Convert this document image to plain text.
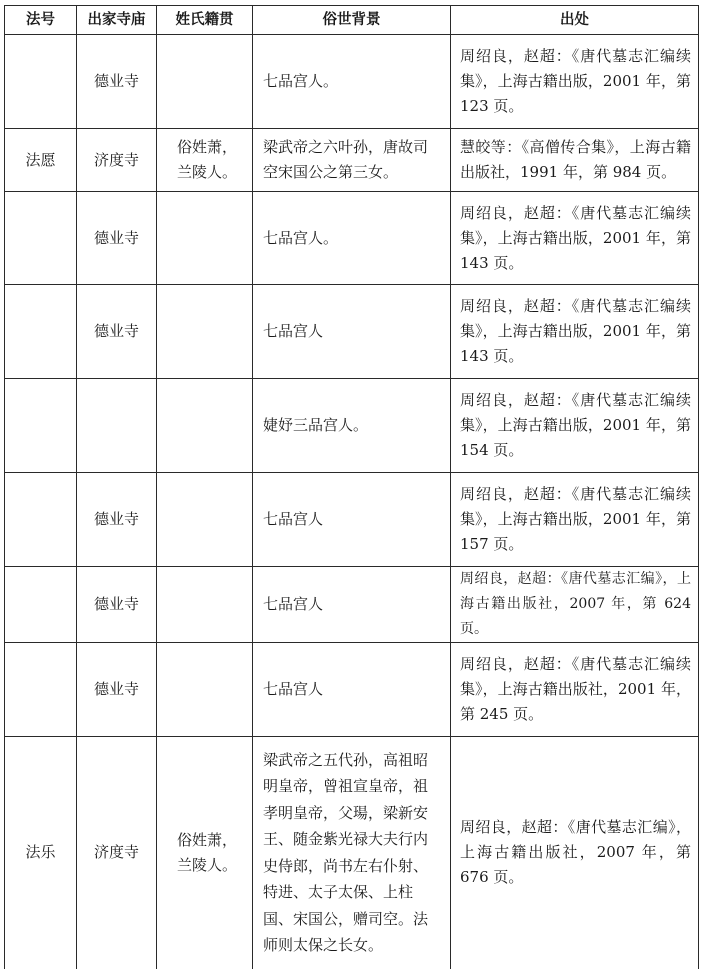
法号	出家寺庙	姓氏籍贯	俗世背景	出处
	德业寺		七品宫人。	周绍良，赵超：《唐代墓志汇编续集》，上海古籍出版，2001 年，第 123 页。
法愿	济度寺	俗姓萧，兰陵人。	梁武帝之六叶孙，唐故司空宋国公之第三女。	慧皎等：《高僧传合集》，上海古籍出版社，1991 年，第 984 页。
	德业寺		七品宫人。	周绍良，赵超：《唐代墓志汇编续集》，上海古籍出版，2001 年，第 143 页。
	德业寺		七品宫人	周绍良，赵超：《唐代墓志汇编续集》，上海古籍出版，2001 年，第 143 页。
			婕妤三品宫人。	周绍良，赵超：《唐代墓志汇编续集》，上海古籍出版，2001 年，第 154 页。
	德业寺		七品宫人	周绍良，赵超：《唐代墓志汇编续集》，上海古籍出版，2001 年，第 157 页。
	德业寺		七品宫人	周绍良，赵超：《唐代墓志汇编》，上海古籍出版社，2007 年，第 624 页。
	德业寺		七品宫人	周绍良，赵超：《唐代墓志汇编续集》，上海古籍出版社，2001 年，第 245 页。
法乐	济度寺	俗姓萧，兰陵人。	梁武帝之五代孙，高祖昭明皇帝，曾祖宣皇帝，祖孝明皇帝，父瑒，梁新安王、随金紫光禄大夫行内史侍郎，尚书左右仆射、特进、太子太保、上柱国、宋国公，赠司空。法师则太保之长女。	周绍良，赵超：《唐代墓志汇编》，上海古籍出版社，2007 年，第 676 页。
